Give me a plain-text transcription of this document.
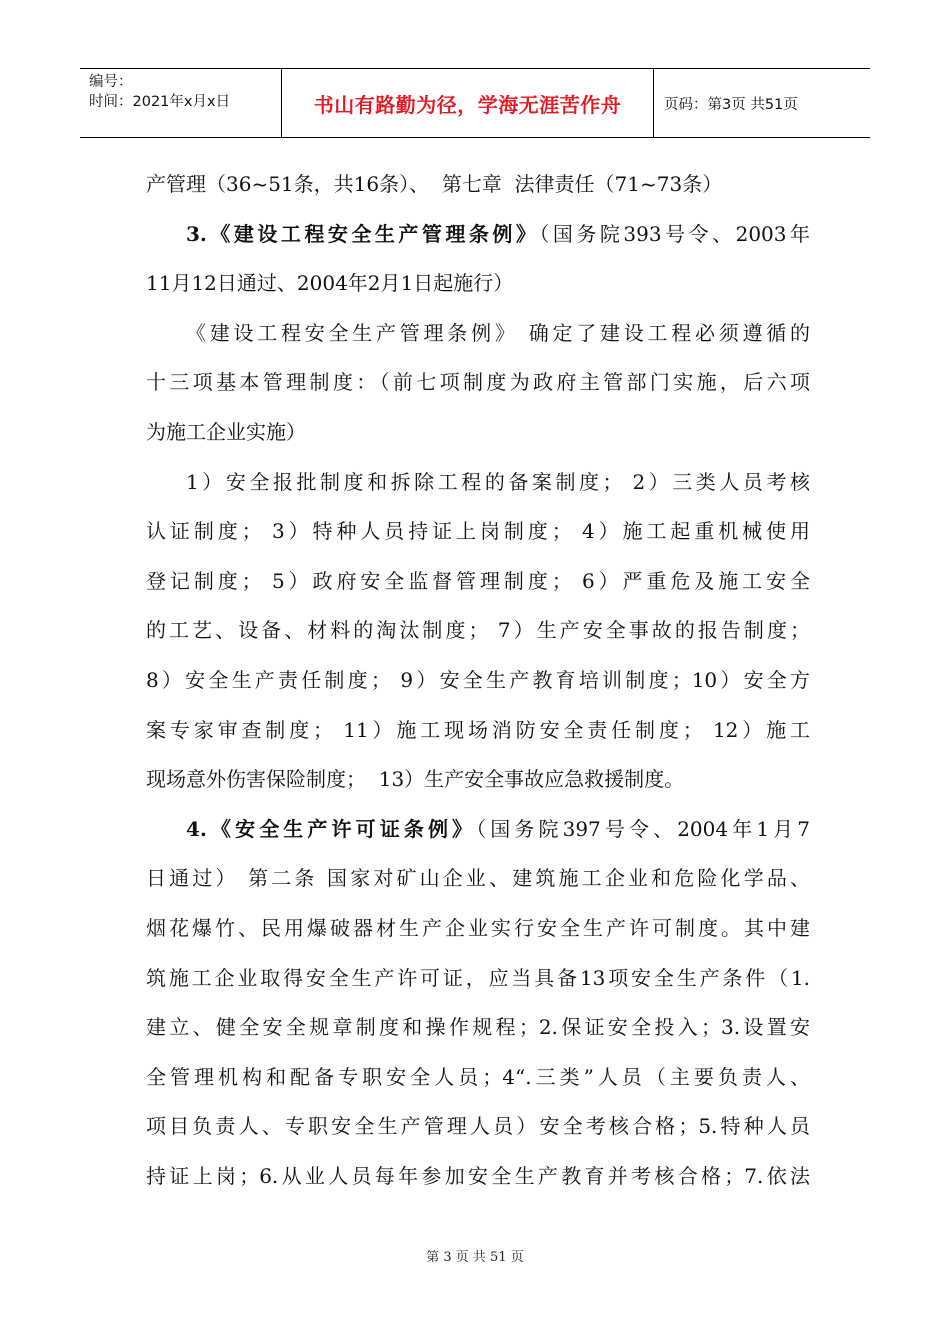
编号：
时间：2021年x月x日	书山有路勤为径，学海无涯苦作舟	页码：第3页 共51页
产管理（36~51条，共16条）、  第七章  法律责任（71~73条）
3.《建设工程安全生产管理条例》（国务院393号令、2003年
11月12日通过、2004年2月1日起施行）
《建设工程安全生产管理条例》 确定了建设工程必须遵循的
十三项基本管理制度：（前七项制度为政府主管部门实施，后六项
为施工企业实施）
1）安全报批制度和拆除工程的备案制度； 2）三类人员考核
认证制度； 3）特种人员持证上岗制度； 4）施工起重机械使用
登记制度； 5）政府安全监督管理制度； 6）严重危及施工安全
的工艺、设备、材料的淘汰制度； 7）生产安全事故的报告制度；
8）安全生产责任制度； 9）安全生产教育培训制度；10）安全方
案专家审查制度； 11）施工现场消防安全责任制度； 12）施工
现场意外伤害保险制度；  13）生产安全事故应急救援制度。
4.《安全生产许可证条例》（国务院397号令、2004年1月7
日通过） 第二条 国家对矿山企业、建筑施工企业和危险化学品、
烟花爆竹、民用爆破器材生产企业实行安全生产许可制度。其中建
筑施工企业取得安全生产许可证，应当具备13项安全生产条件（1.
建立、健全安全规章制度和操作规程；2.保证安全投入；3.设置安
全管理机构和配备专职安全人员；4“.三类”人员（主要负责人、
项目负责人、专职安全生产管理人员）安全考核合格；5.特种人员
持证上岗；6.从业人员每年参加安全生产教育并考核合格；7.依法
第 3 页 共 51 页
